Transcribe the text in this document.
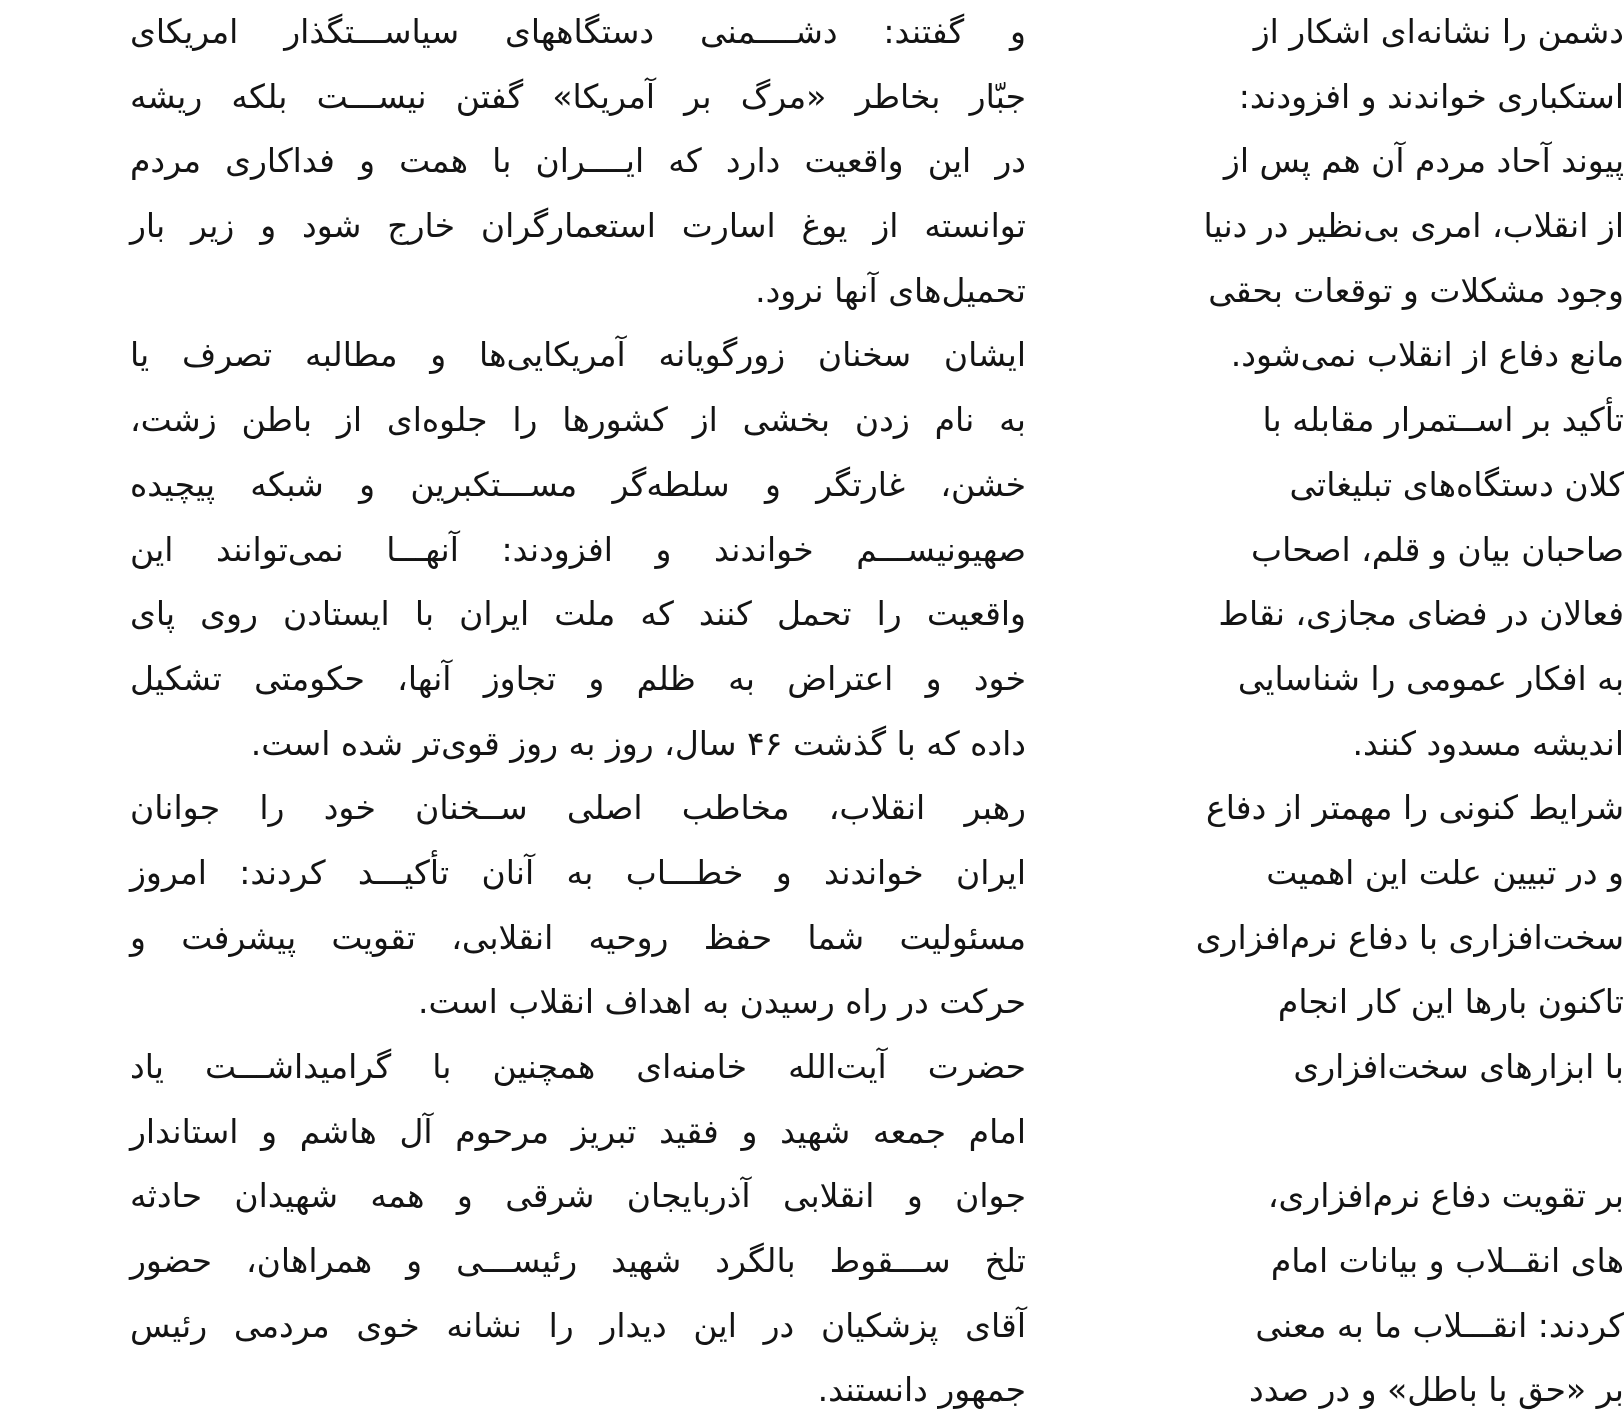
دشمن را نشانه‌ای اشکار از
استکباری خواندند و افزودند:
پیوند آحاد مردم آن هم پس از
از انقلاب، امری بی‌نظیر در دنیا
وجود مشکلات و توقعات بحقی
مانع دفاع از انقلاب نمی‌شود.
تأکید بر اســتمرار مقابله با
کلان دستگاه‌های تبلیغاتی
صاحبان بیان و قلم، اصحاب
فعالان در فضای مجازی، نقاط
به افکار عمومی را شناسایی
اندیشه مسدود کنند.
شرایط کنونی را مهمتر از دفاع
و در تبیین علت این اهمیت
سخت‌افزاری با دفاع نرم‌افزاری
تاکنون بارها این کار انجام
با ابزارهای سخت‌افزاری
بر تقویت دفاع نرم‌افزاری،
های انقــلاب و بیانات امام
کردند: انقـــلاب ما به معنی
بر «حق با باطل» و در صدد
و گفتند: دشــــمنی دستگاههای سیاســـتگذار امریکای
جبّار بخاطر «مرگ بر آمریکا» گفتن نیســـت بلکه ریشه
در این واقعیت دارد که ایــــران با همت و فداکاری مردم
توانسته از یوغ اسارت استعمارگران خارج شود و زیر بار
تحمیل‌های آنها نرود.
ایشان سخنان زورگویانه آمریکایی‌ها و مطالبه تصرف یا
به نام زدن بخشی از کشورها را جلوه‌ای از باطن زشت،
خشن، غارتگر و سلطه‌گر مســـتکبرین و شبکه پیچیده
صهیونیســـم خواندند و افزودند: آنهـــا نمی‌توانند این
واقعیت را تحمل کنند که ملت ایران با ایستادن روی پای
خود و اعتراض به ظلم و تجاوز آنها، حکومتی تشکیل
داده که با گذشت ۴۶ سال، روز به روز قوی‌تر شده است.
رهبر انقلاب، مخاطب اصلی ســخنان خود را جوانان
ایران خواندند و خطـــاب به آنان تأکیـــد کردند: امروز
مسئولیت شما حفظ روحیه انقلابی، تقویت پیشرفت و
حرکت در راه رسیدن به اهداف انقلاب است.
حضرت آیت‌الله خامنه‌ای همچنین با گرامیداشـــت یاد
امام جمعه شهید و فقید تبریز مرحوم آل هاشم و استاندار
جوان و انقلابی آذربایجان شرقی و همه شهیدان حادثه
تلخ ســـقوط بالگرد شهید رئیســـی و همراهان، حضور
آقای پزشکیان در این دیدار را نشانه خوی مردمی رئیس
جمهور دانستند.
